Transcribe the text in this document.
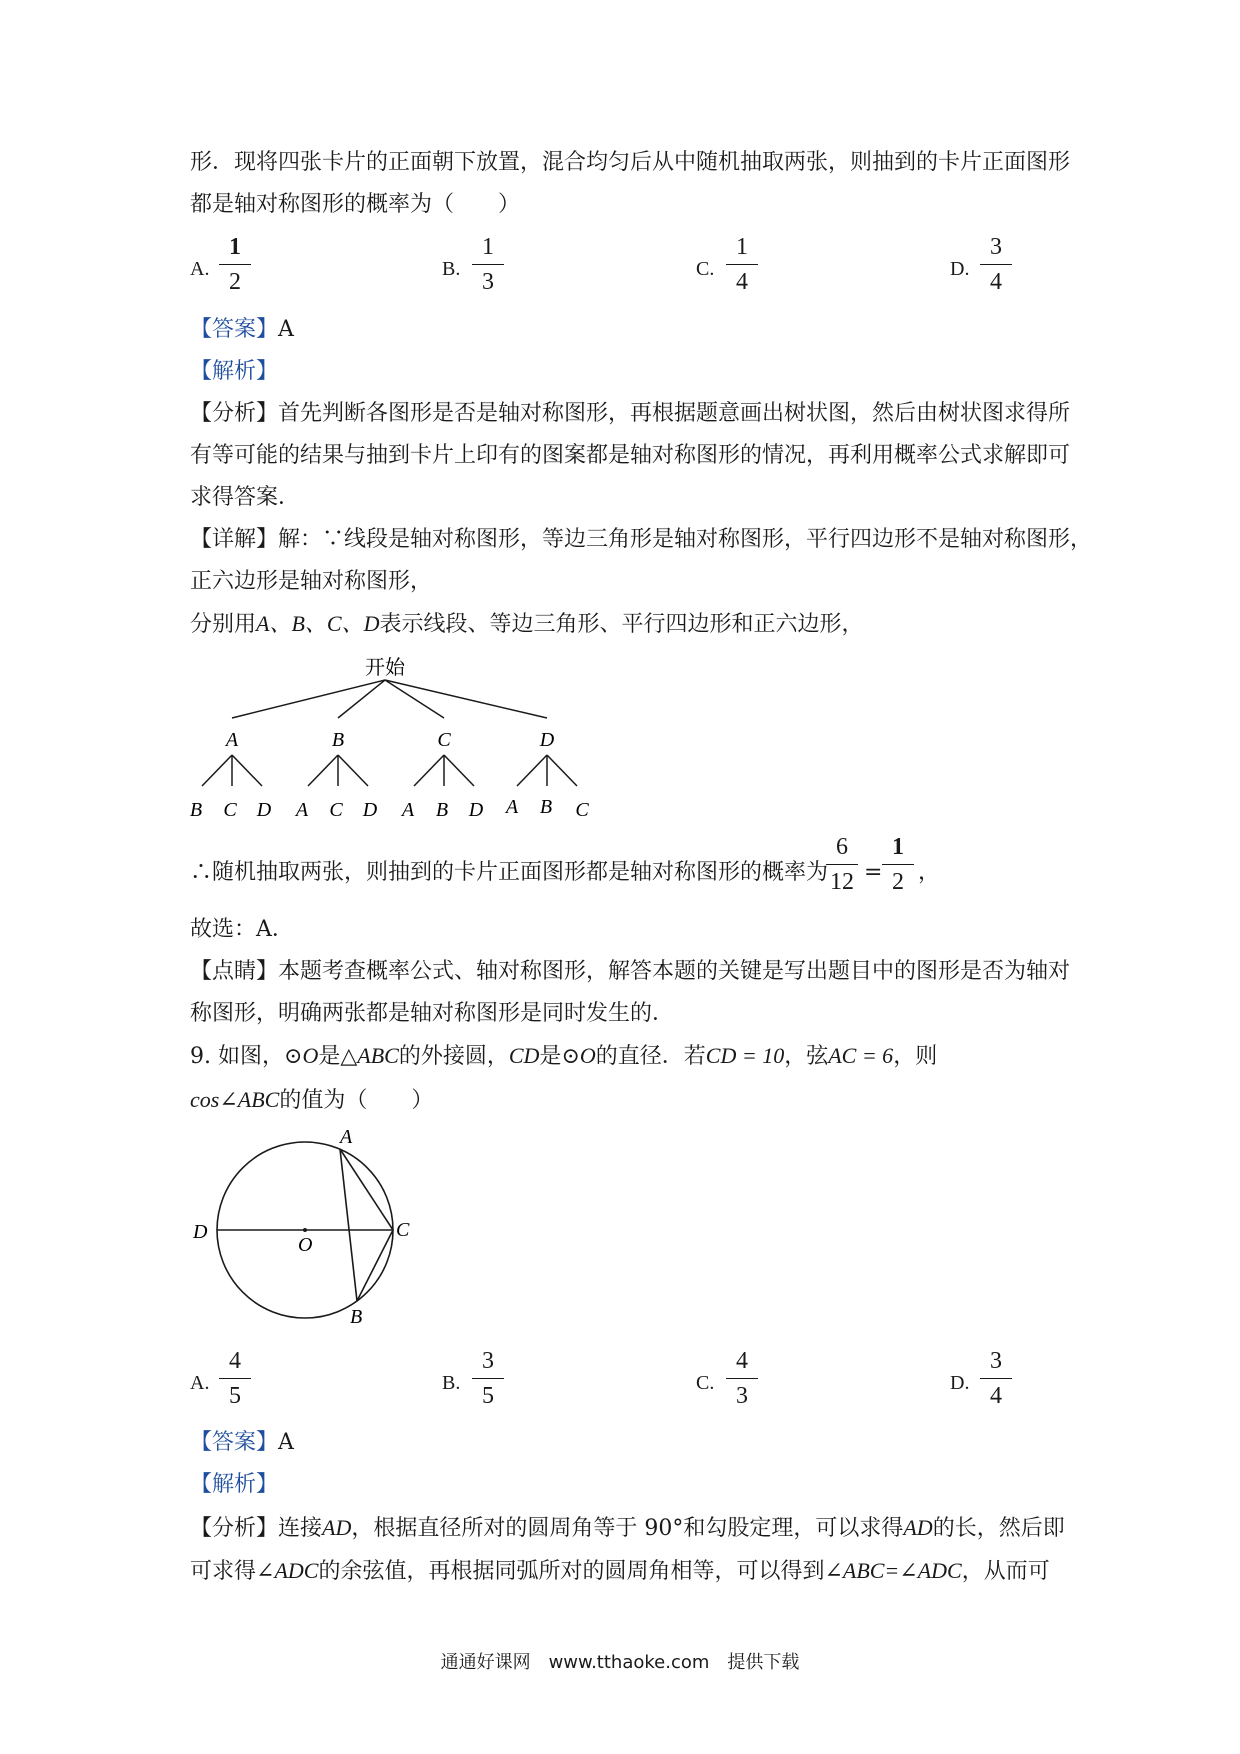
形．现将四张卡片的正面朝下放置，混合均匀后从中随机抽取两张，则抽到的卡片正面图形
都是轴对称图形的概率为（　　）
A.
1
2	B.
1
3	C.
1
4	D.
3
4
【答案】A
【解析】
【分析】首先判断各图形是否是轴对称图形，再根据题意画出树状图，然后由树状图求得所
有等可能的结果与抽到卡片上印有的图案都是轴对称图形的情况，再利用概率公式求解即可
求得答案．
【详解】解：∵线段是轴对称图形，等边三角形是轴对称图形，平行四边形不是轴对称图形，
正六边形是轴对称图形，
分别用A、B、C、D表示线段、等边三角形、平行四边形和正六边形，
开始
A	B	C	D
B C D A C D A B D A B C
∴随机抽取两张，则抽到的卡片正面图形都是轴对称图形的概率为
6
12 =
1
2 ，
故选：A．
【点睛】本题考查概率公式、轴对称图形，解答本题的关键是写出题目中的图形是否为轴对
称图形，明确两张都是轴对称图形是同时发生的．
9. 如图，⊙O是△ABC的外接圆，CD是⊙O的直径．若CD = 10，弦AC = 6，则
cos∠ABC的值为（　　）
A
B
C
D
O
A.
4
5	B.
3
5	C.
4
3	D.
3
4
【答案】A
【解析】
【分析】连接AD，根据直径所对的圆周角等于 90°和勾股定理，可以求得AD的长，然后即
可求得∠ADC的余弦值，再根据同弧所对的圆周角相等，可以得到∠ABC=∠ADC，从而可
通通好课网　www.tthaoke.com　提供下载
